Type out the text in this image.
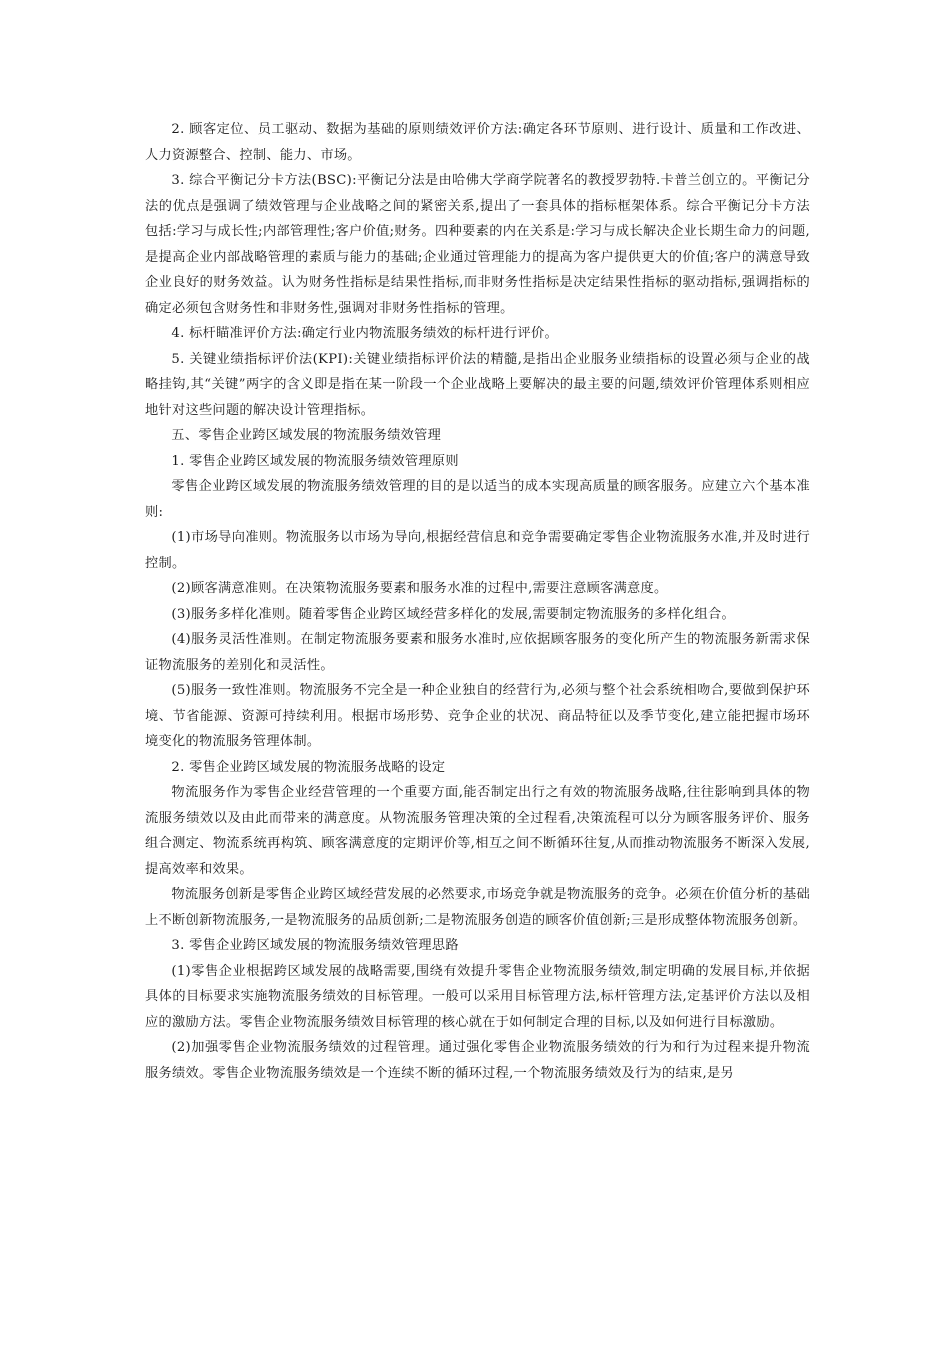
2. 顾客定位、员工驱动、数据为基础的原则绩效评价方法:确定各环节原则、进行设计、质量和工作改进、人力资源整合、控制、能力、市场。

3. 综合平衡记分卡方法(BSC):平衡记分法是由哈佛大学商学院著名的教授罗勃特.卡普兰创立的。平衡记分法的优点是强调了绩效管理与企业战略之间的紧密关系,提出了一套具体的指标框架体系。综合平衡记分卡方法包括:学习与成长性;内部管理性;客户价值;财务。四种要素的内在关系是:学习与成长解决企业长期生命力的问题,是提高企业内部战略管理的素质与能力的基础;企业通过管理能力的提高为客户提供更大的价值;客户的满意导致企业良好的财务效益。认为财务性指标是结果性指标,而非财务性指标是决定结果性指标的驱动指标,强调指标的确定必须包含财务性和非财务性,强调对非财务性指标的管理。

4. 标杆瞄准评价方法:确定行业内物流服务绩效的标杆进行评价。

5. 关键业绩指标评价法(KPI):关键业绩指标评价法的精髓,是指出企业服务业绩指标的设置必须与企业的战略挂钩,其“关键”两字的含义即是指在某一阶段一个企业战略上要解决的最主要的问题,绩效评价管理体系则相应地针对这些问题的解决设计管理指标。

五、零售企业跨区域发展的物流服务绩效管理

1. 零售企业跨区域发展的物流服务绩效管理原则

零售企业跨区域发展的物流服务绩效管理的目的是以适当的成本实现高质量的顾客服务。应建立六个基本准则:

(1)市场导向准则。物流服务以市场为导向,根据经营信息和竞争需要确定零售企业物流服务水准,并及时进行控制。

(2)顾客满意准则。在决策物流服务要素和服务水准的过程中,需要注意顾客满意度。

(3)服务多样化准则。随着零售企业跨区域经营多样化的发展,需要制定物流服务的多样化组合。

(4)服务灵活性准则。在制定物流服务要素和服务水准时,应依据顾客服务的变化所产生的物流服务新需求保证物流服务的差别化和灵活性。

(5)服务一致性准则。物流服务不完全是一种企业独自的经营行为,必须与整个社会系统相吻合,要做到保护环境、节省能源、资源可持续利用。根据市场形势、竞争企业的状况、商品特征以及季节变化,建立能把握市场环境变化的物流服务管理体制。

2. 零售企业跨区域发展的物流服务战略的设定

物流服务作为零售企业经营管理的一个重要方面,能否制定出行之有效的物流服务战略,往往影响到具体的物流服务绩效以及由此而带来的满意度。从物流服务管理决策的全过程看,决策流程可以分为顾客服务评价、服务组合测定、物流系统再构筑、顾客满意度的定期评价等,相互之间不断循环往复,从而推动物流服务不断深入发展,提高效率和效果。

物流服务创新是零售企业跨区域经营发展的必然要求,市场竞争就是物流服务的竞争。必须在价值分析的基础上不断创新物流服务,一是物流服务的品质创新;二是物流服务创造的顾客价值创新;三是形成整体物流服务创新。

3. 零售企业跨区域发展的物流服务绩效管理思路

(1)零售企业根据跨区域发展的战略需要,围绕有效提升零售企业物流服务绩效,制定明确的发展目标,并依据具体的目标要求实施物流服务绩效的目标管理。一般可以采用目标管理方法,标杆管理方法,定基评价方法以及相应的激励方法。零售企业物流服务绩效目标管理的核心就在于如何制定合理的目标,以及如何进行目标激励。

(2)加强零售企业物流服务绩效的过程管理。通过强化零售企业物流服务绩效的行为和行为过程来提升物流服务绩效。零售企业物流服务绩效是一个连续不断的循环过程,一个物流服务绩效及行为的结束,是另
